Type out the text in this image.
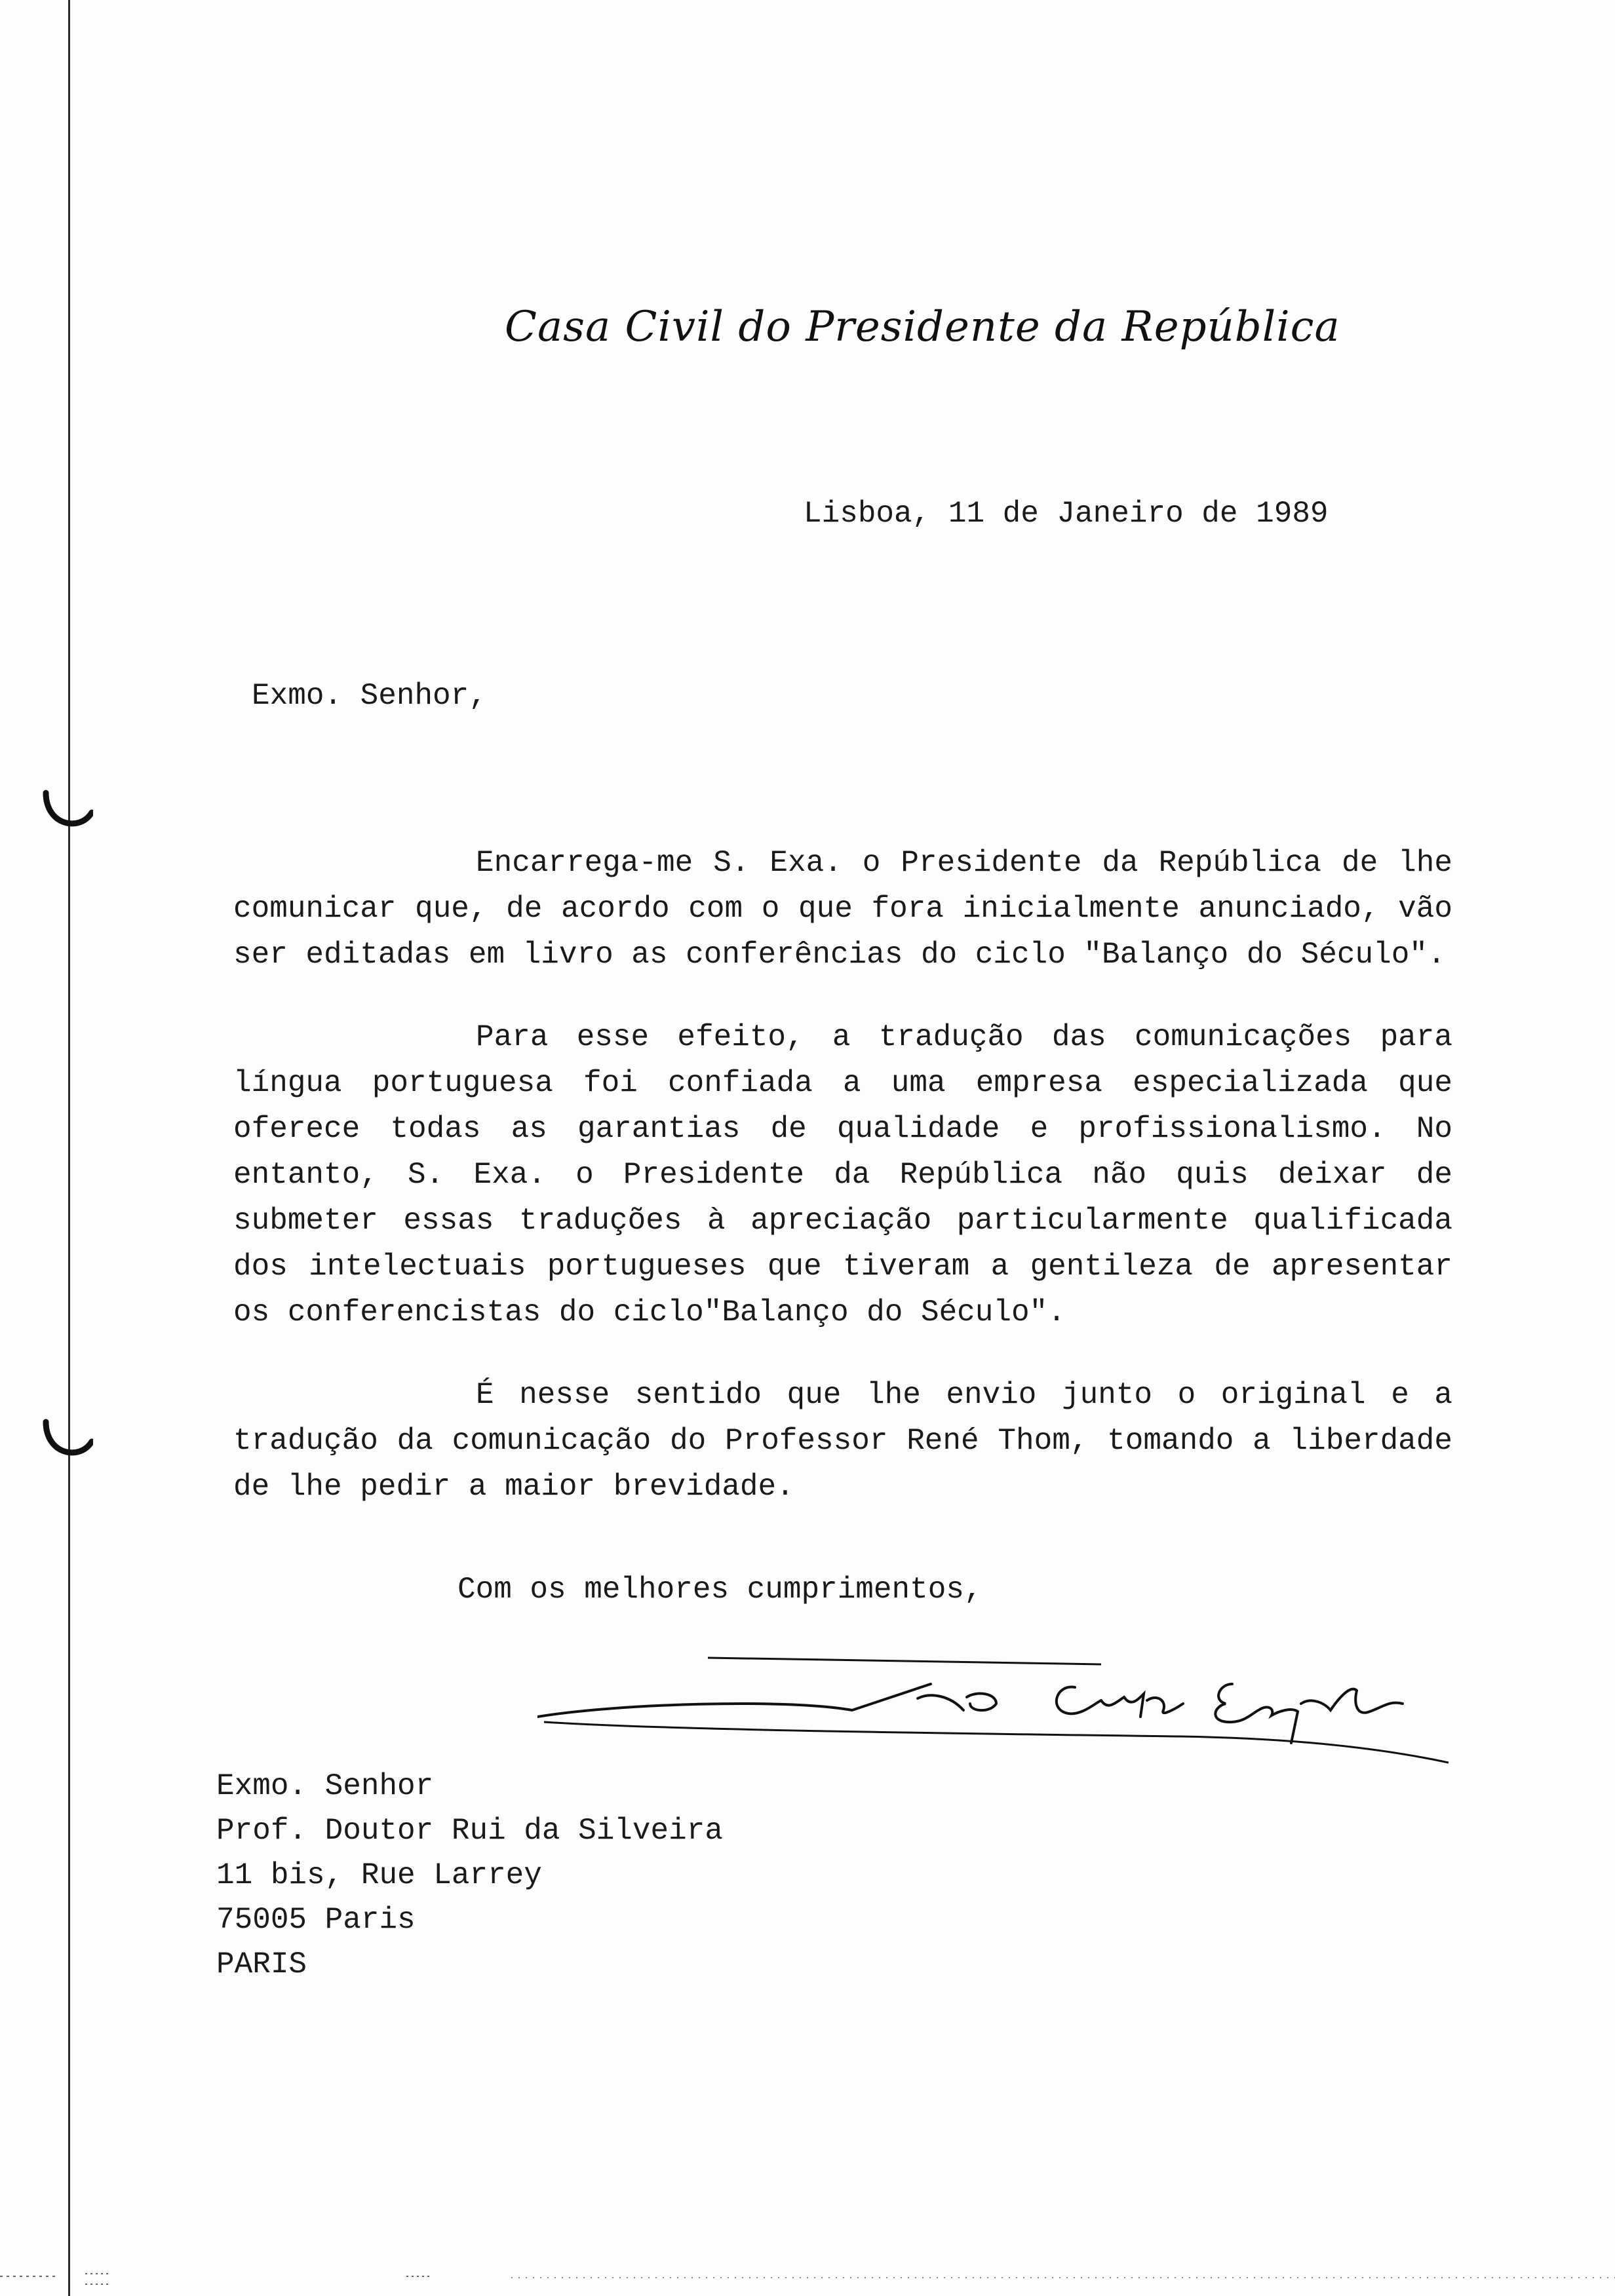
Casa Civil do Presidente da República
Lisboa, 11 de Janeiro de 1989
Exmo. Senhor,

Encarrega-me S. Exa. o Presidente da República de lhe comunicar que, de acordo com o que fora inicialmente anunciado, vão ser editadas em livro as conferências do ciclo "Balanço do Século".

Para esse efeito, a tradução das comunicações para língua portuguesa foi confiada a uma empresa especializada que oferece todas as garantias de qualidade e profissionalismo. No entanto, S. Exa. o Presidente da República não quis deixar de submeter essas traduções à apreciação particularmente qualificada dos intelectuais portugueses que tiveram a gentileza de apresentar os conferencistas do ciclo"Balanço do Século".

É nesse sentido que lhe envio junto o original e a tradução da comunicação do Professor René Thom, tomando a liberdade de lhe pedir a maior brevidade.

Com os melhores cumprimentos,
Exmo. Senhor
Prof. Doutor Rui da Silveira
11 bis, Rue Larrey
75005 Paris
PARIS
